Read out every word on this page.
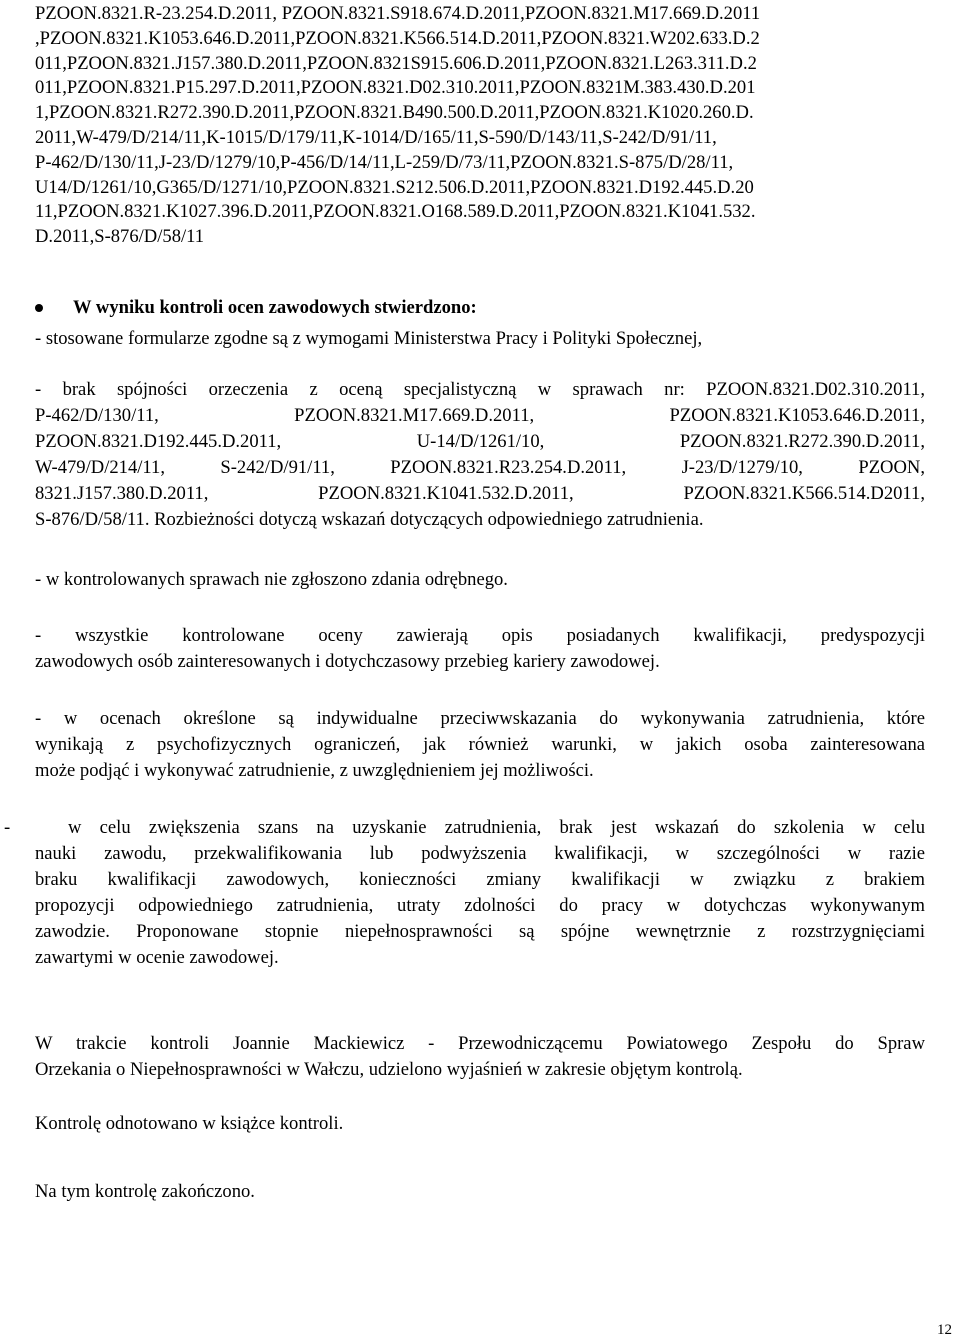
PZOON.8321.R-23.254.D.2011, PZOON.8321.S918.674.D.2011,PZOON.8321.M17.669.D.2011
,PZOON.8321.K1053.646.D.2011,PZOON.8321.K566.514.D.2011,PZOON.8321.W202.633.D.2
011,PZOON.8321.J157.380.D.2011,PZOON.8321S915.606.D.2011,PZOON.8321.L263.311.D.2
011,PZOON.8321.P15.297.D.2011,PZOON.8321.D02.310.2011,PZOON.8321M.383.430.D.201
1,PZOON.8321.R272.390.D.2011,PZOON.8321.B490.500.D.2011,PZOON.8321.K1020.260.D.
2011,W-479/D/214/11,K-1015/D/179/11,K-1014/D/165/11,S-590/D/143/11,S-242/D/91/11,
P-462/D/130/11,J-23/D/1279/10,P-456/D/14/11,L-259/D/73/11,PZOON.8321.S-875/D/28/11,
U14/D/1261/10,G365/D/1271/10,PZOON.8321.S212.506.D.2011,PZOON.8321.D192.445.D.20
11,PZOON.8321.K1027.396.D.2011,PZOON.8321.O168.589.D.2011,PZOON.8321.K1041.532.
D.2011,S-876/D/58/11
W wyniku kontroli ocen zawodowych stwierdzono:
- stosowane formularze zgodne są z wymogami Ministerstwa Pracy i Polityki Społecznej,
- brak spójności orzeczenia z oceną specjalistyczną w sprawach nr: PZOON.8321.D02.310.2011,
P-462/D/130/11, PZOON.8321.M17.669.D.2011, PZOON.8321.K1053.646.D.2011,
PZOON.8321.D192.445.D.2011, U-14/D/1261/10, PZOON.8321.R272.390.D.2011,
W-479/D/214/11, S-242/D/91/11, PZOON.8321.R23.254.D.2011, J-23/D/1279/10, PZOON,
8321.J157.380.D.2011, PZOON.8321.K1041.532.D.2011, PZOON.8321.K566.514.D2011,
S-876/D/58/11. Rozbieżności dotyczą wskazań dotyczących odpowiedniego zatrudnienia.
- w kontrolowanych sprawach nie zgłoszono zdania odrębnego.
- wszystkie kontrolowane oceny zawierają opis posiadanych kwalifikacji, predyspozycji
zawodowych osób zainteresowanych i dotychczasowy przebieg kariery zawodowej.
- w ocenach określone są indywidualne przeciwwskazania do wykonywania zatrudnienia, które
wynikają z psychofizycznych ograniczeń, jak również warunki, w jakich osoba zainteresowana
może podjąć i wykonywać zatrudnienie, z uwzględnieniem jej możliwości.
-	w celu zwiększenia szans na uzyskanie zatrudnienia, brak jest wskazań do szkolenia w celu
nauki zawodu, przekwalifikowania lub podwyższenia kwalifikacji, w szczególności w razie
braku kwalifikacji zawodowych, konieczności zmiany kwalifikacji w związku z brakiem
propozycji odpowiedniego zatrudnienia, utraty zdolności do pracy w dotychczas wykonywanym
zawodzie. Proponowane stopnie niepełnosprawności są spójne wewnętrznie z rozstrzygnięciami
zawartymi w ocenie zawodowej.
W trakcie kontroli Joannie Mackiewicz - Przewodniczącemu Powiatowego Zespołu do Spraw
Orzekania o Niepełnosprawności w Wałczu, udzielono wyjaśnień w zakresie objętym kontrolą.
Kontrolę odnotowano w książce kontroli.
Na tym kontrolę zakończono.
12
